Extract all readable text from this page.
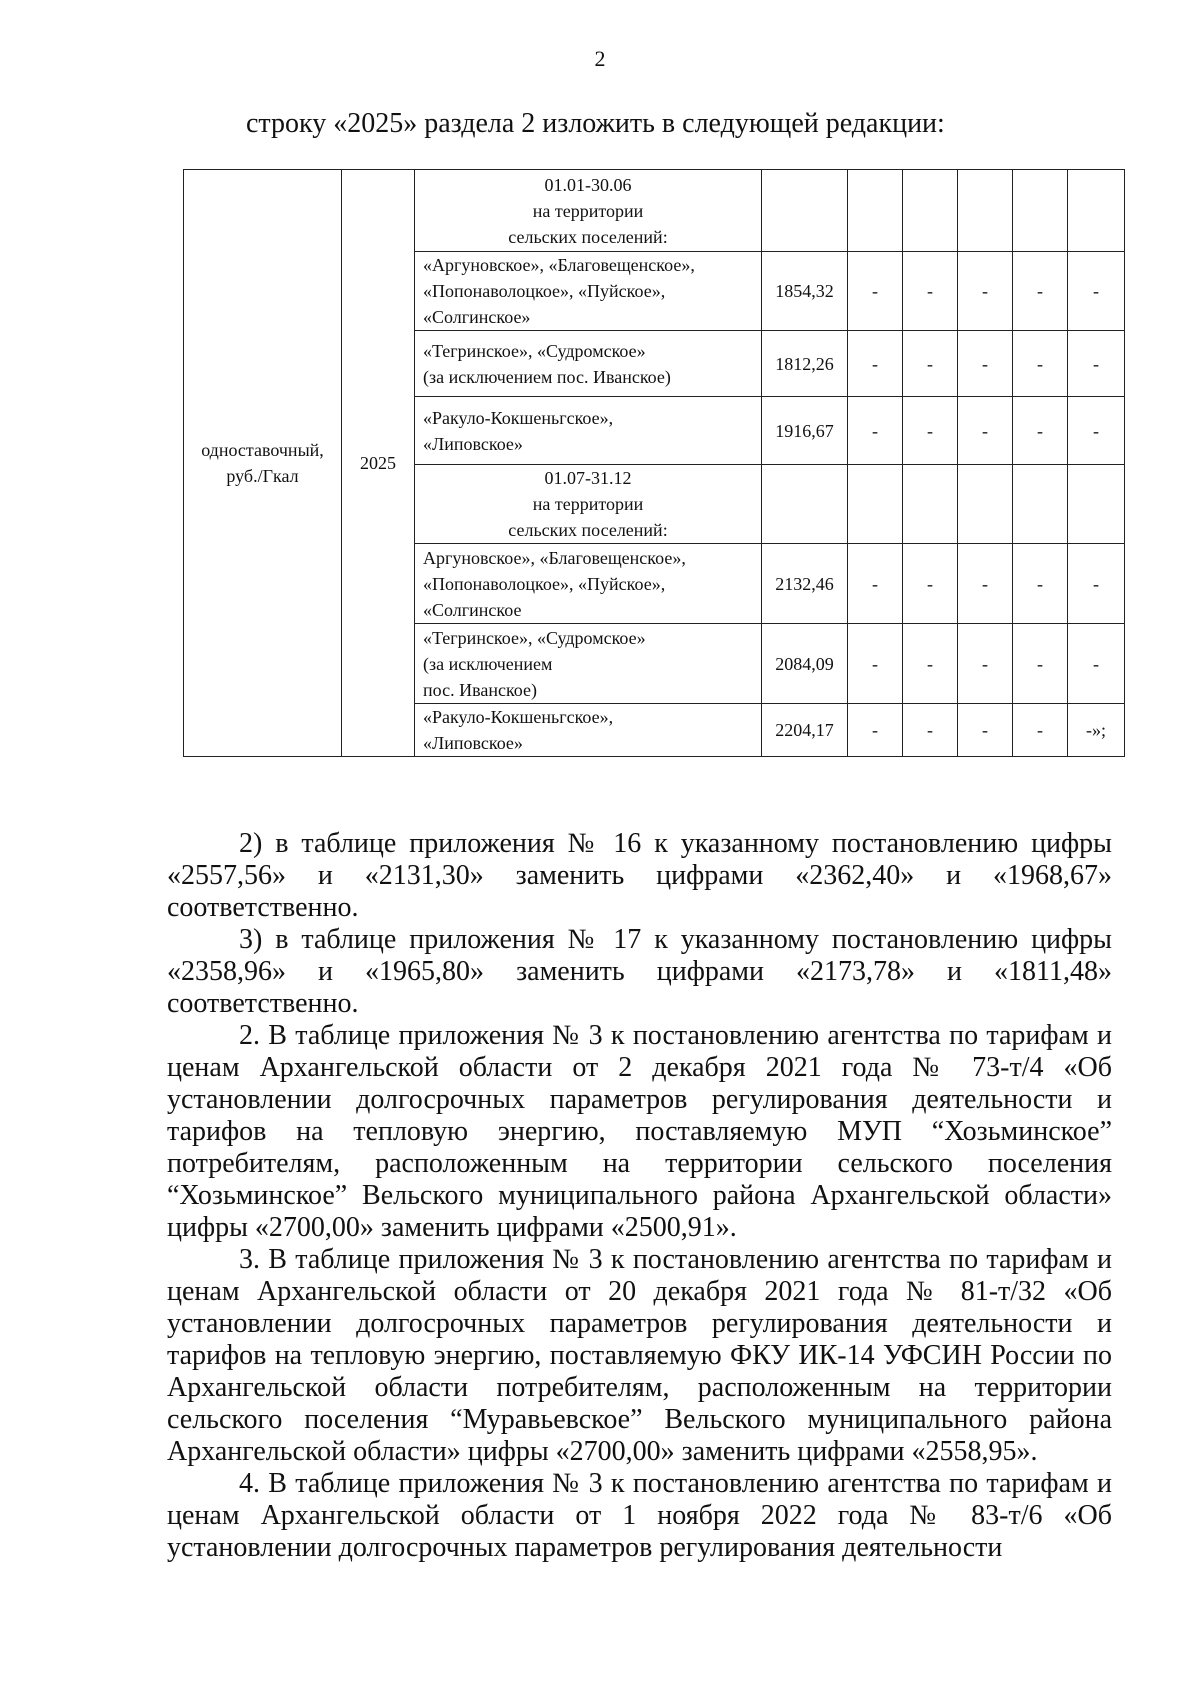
2
строку «2025» раздела 2 изложить в следующей редакции:
одноставочный,
руб./Гкал	2025	01.01-30.06
на территории
сельских поселений:						
		«Аргуновское», «Благовещенское»,
«Попонаволоцкое», «Пуйское»,
«Солгинское»	1854,32	-	-	-	-	-
		«Тегринское», «Судромское»
(за исключением пос. Иванское)	1812,26	-	-	-	-	-
		«Ракуло-Кокшеньгское»,
«Липовское»	1916,67	-	-	-	-	-
		01.07-31.12
на территории
сельских поселений:						
		Аргуновское», «Благовещенское»,
«Попонаволоцкое», «Пуйское»,
«Солгинское	2132,46	-	-	-	-	-
		«Тегринское», «Судромское»
(за исключением
пос. Иванское)	2084,09	-	-	-	-	-
		«Ракуло-Кокшеньгское»,
«Липовское»	2204,17	-	-	-	-	-»;

2) в таблице приложения № 16 к указанному постановлению цифры «2557,56» и «2131,30» заменить цифрами «2362,40» и «1968,67» соответственно.

3) в таблице приложения № 17 к указанному постановлению цифры «2358,96» и «1965,80» заменить цифрами «2173,78» и «1811,48» соответственно.

2. В таблице приложения № 3 к постановлению агентства по тарифам и ценам Архангельской области от 2 декабря 2021 года № 73-т/4 «Об установлении долгосрочных параметров регулирования деятельности и тарифов на тепловую энергию, поставляемую МУП “Хозьминское” потребителям, расположенным на территории сельского поселения “Хозьминское” Вельского муниципального района Архангельской области» цифры «2700,00» заменить цифрами «2500,91».

3. В таблице приложения № 3 к постановлению агентства по тарифам и ценам Архангельской области от 20 декабря 2021 года № 81-т/32 «Об установлении долгосрочных параметров регулирования деятельности и тарифов на тепловую энергию, поставляемую ФКУ ИК-14 УФСИН России по Архангельской области потребителям, расположенным на территории сельского поселения “Муравьевское” Вельского муниципального района Архангельской области» цифры «2700,00» заменить цифрами «2558,95».

4. В таблице приложения № 3 к постановлению агентства по тарифам и ценам Архангельской области от 1 ноября 2022 года № 83-т/6 «Об установлении долгосрочных параметров регулирования деятельности
